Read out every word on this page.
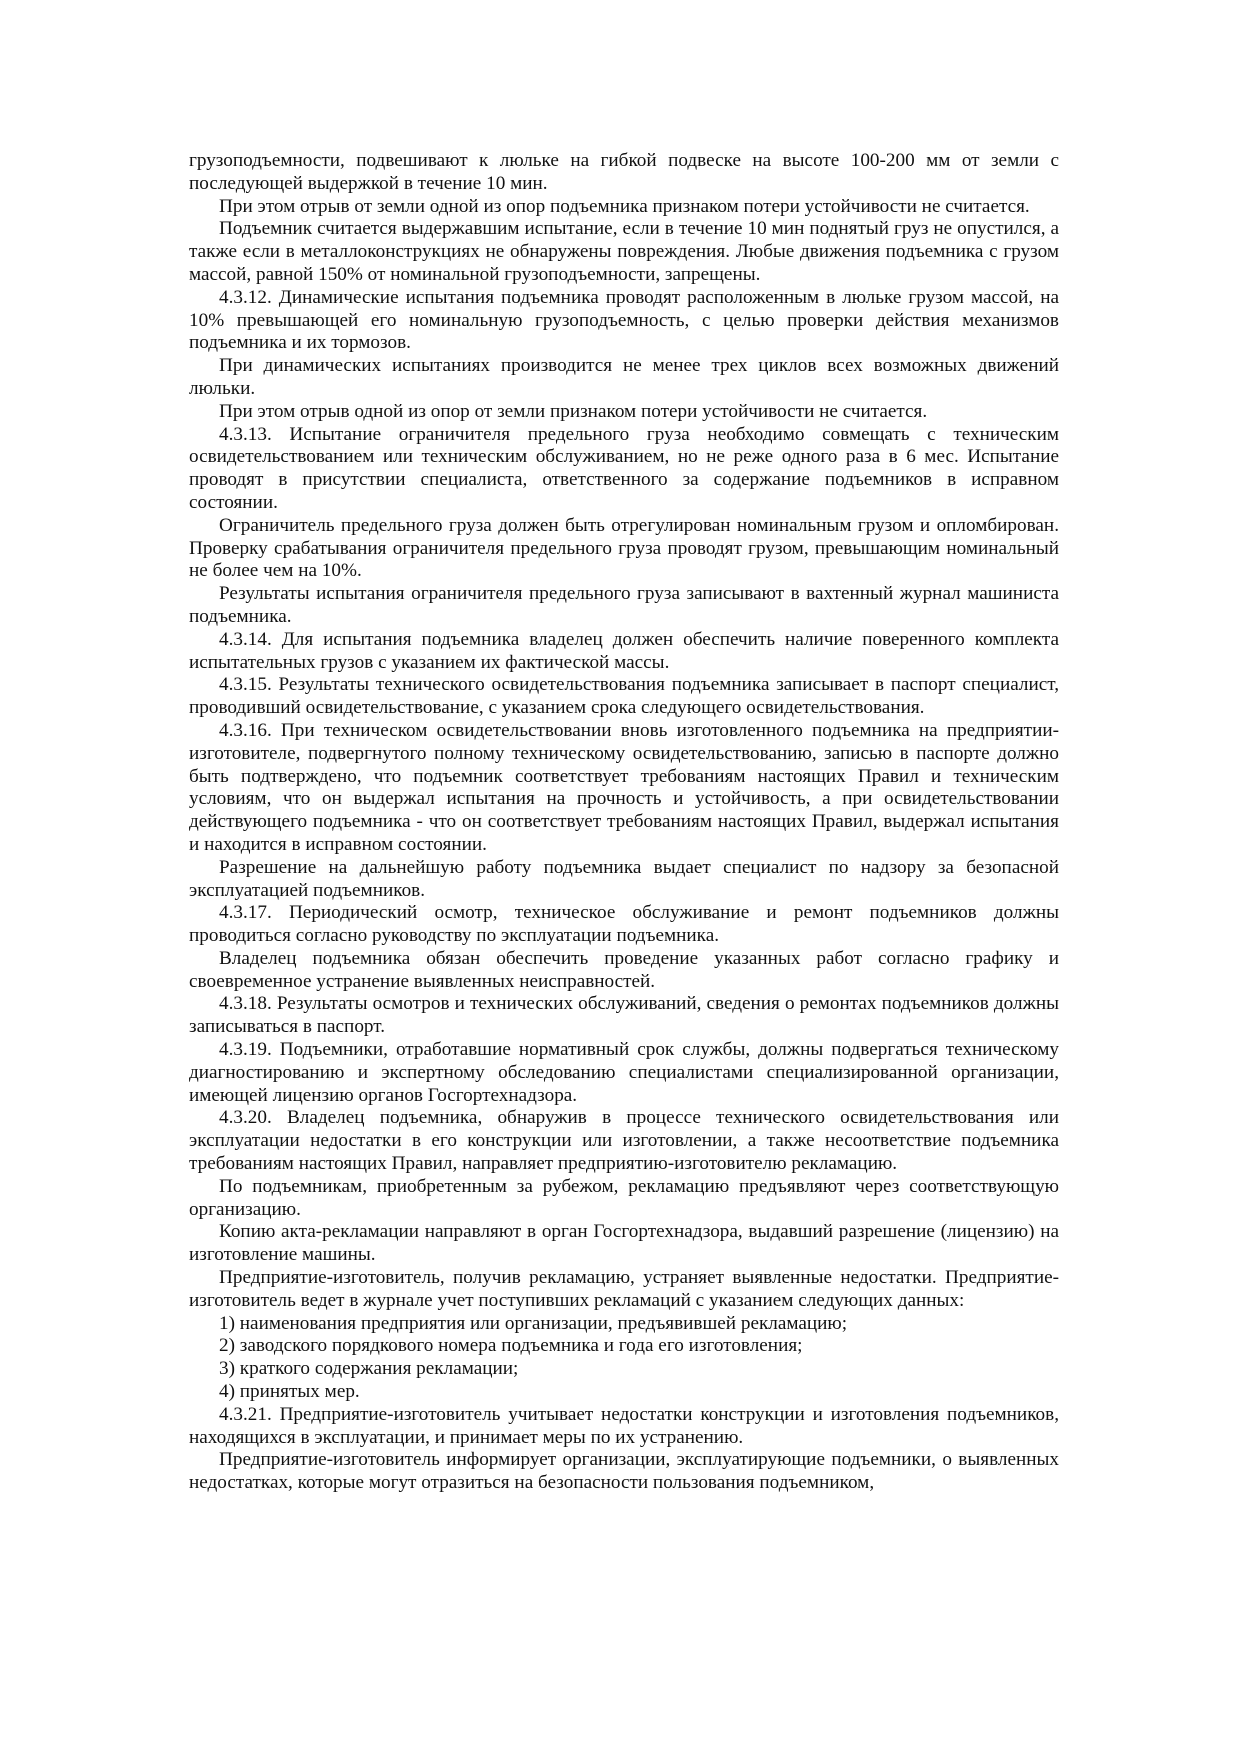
грузоподъемности, подвешивают к люльке на гибкой подвеске на высоте 100-200 мм от земли с последующей выдержкой в течение 10 мин.

При этом отрыв от земли одной из опор подъемника признаком потери устойчивости не считается.

Подъемник считается выдержавшим испытание, если в течение 10 мин поднятый груз не опустился, а также если в металлоконструкциях не обнаружены повреждения. Любые движения подъемника с грузом массой, равной 150% от номинальной грузоподъемности, запрещены.

4.3.12. Динамические испытания подъемника проводят расположенным в люльке грузом массой, на 10% превышающей его номинальную грузоподъемность, с целью проверки действия механизмов подъемника и их тормозов.

При динамических испытаниях производится не менее трех циклов всех возможных движений люльки.

При этом отрыв одной из опор от земли признаком потери устойчивости не считается.

4.3.13. Испытание ограничителя предельного груза необходимо совмещать с техническим освидетельствованием или техническим обслуживанием, но не реже одного раза в 6 мес. Испытание проводят в присутствии специалиста, ответственного за содержание подъемников в исправном состоянии.

Ограничитель предельного груза должен быть отрегулирован номинальным грузом и опломбирован. Проверку срабатывания ограничителя предельного груза проводят грузом, превышающим номинальный не более чем на 10%.

Результаты испытания ограничителя предельного груза записывают в вахтенный журнал машиниста подъемника.

4.3.14. Для испытания подъемника владелец должен обеспечить наличие поверенного комплекта испытательных грузов с указанием их фактической массы.

4.3.15. Результаты технического освидетельствования подъемника записывает в паспорт специалист, проводивший освидетельствование, с указанием срока следующего освидетельствования.

4.3.16. При техническом освидетельствовании вновь изготовленного подъемника на предприятии-изготовителе, подвергнутого полному техническому освидетельствованию, записью в паспорте должно быть подтверждено, что подъемник соответствует требованиям настоящих Правил и техническим условиям, что он выдержал испытания на прочность и устойчивость, а при освидетельствовании действующего подъемника - что он соответствует требованиям настоящих Правил, выдержал испытания и находится в исправном состоянии.

Разрешение на дальнейшую работу подъемника выдает специалист по надзору за безопасной эксплуатацией подъемников.

4.3.17. Периодический осмотр, техническое обслуживание и ремонт подъемников должны проводиться согласно руководству по эксплуатации подъемника.

Владелец подъемника обязан обеспечить проведение указанных работ согласно графику и своевременное устранение выявленных неисправностей.

4.3.18. Результаты осмотров и технических обслуживаний, сведения о ремонтах подъемников должны записываться в паспорт.

4.3.19. Подъемники, отработавшие нормативный срок службы, должны подвергаться техническому диагностированию и экспертному обследованию специалистами специализированной организации, имеющей лицензию органов Госгортехнадзора.

4.3.20. Владелец подъемника, обнаружив в процессе технического освидетельствования или эксплуатации недостатки в его конструкции или изготовлении, а также несоответствие подъемника требованиям настоящих Правил, направляет предприятию-изготовителю рекламацию.

По подъемникам, приобретенным за рубежом, рекламацию предъявляют через соответствующую организацию.

Копию акта-рекламации направляют в орган Госгортехнадзора, выдавший разрешение (лицензию) на изготовление машины.

Предприятие-изготовитель, получив рекламацию, устраняет выявленные недостатки. Предприятие-изготовитель ведет в журнале учет поступивших рекламаций с указанием следующих данных:

1) наименования предприятия или организации, предъявившей рекламацию;

2) заводского порядкового номера подъемника и года его изготовления;

3) краткого содержания рекламации;

4) принятых мер.

4.3.21. Предприятие-изготовитель учитывает недостатки конструкции и изготовления подъемников, находящихся в эксплуатации, и принимает меры по их устранению.

Предприятие-изготовитель информирует организации, эксплуатирующие подъемники, о выявленных недостатках, которые могут отразиться на безопасности пользования подъемником,
